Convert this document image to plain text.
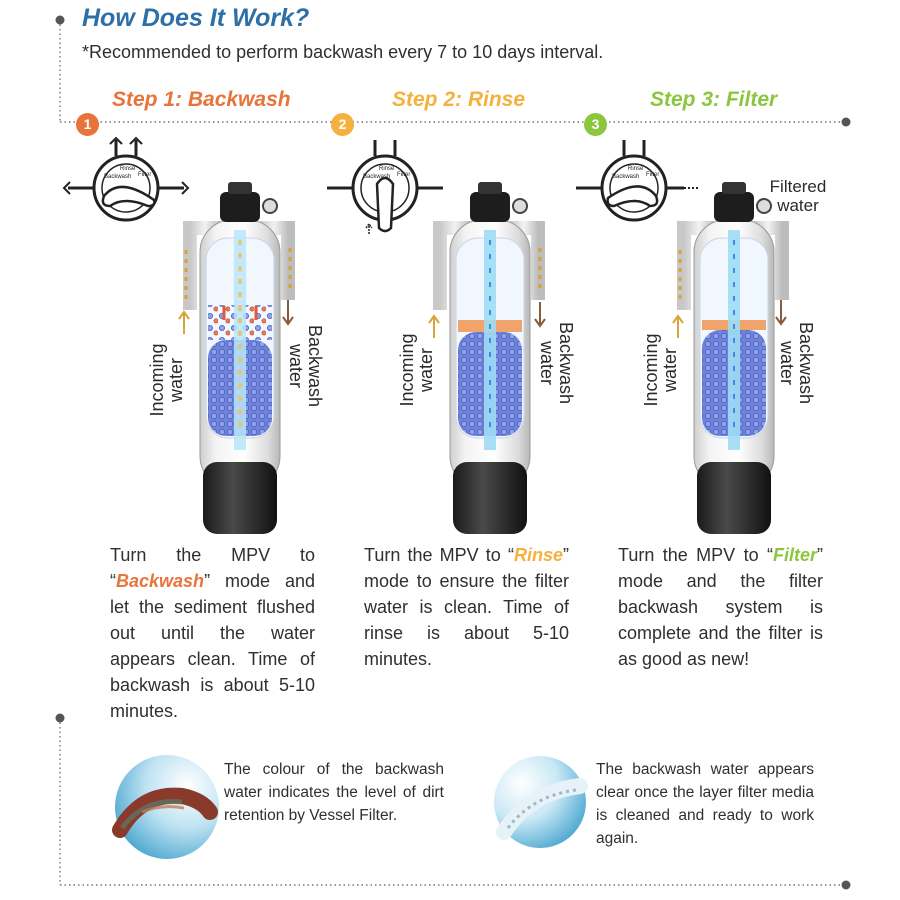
How Does It Work?
*Recommended to perform backwash every 7 to 10 days interval.
1
Step 1: Backwash
2
Step 2: Rinse
3
Step 3: Filter
Backwash
Rinse
Filter	Backwash
Rinse
Filter	Backwash
Rinse
Filter
Incoming water	Backwash
water	Incoming water	Backwash
water	Incoming water	Backwash
water
Filtered
water
Turn the MPV to “Backwash” mode and let the sediment flushed out until the water appears clean. Time of backwash is about 5-10 minutes.
Turn the MPV to “Rinse” mode to ensure the filter water is clean. Time of rinse is about 5-10 minutes.
Turn the MPV to “Filter” mode and the filter backwash system is complete and the filter is as good as new!
The colour of the backwash water indicates the level of dirt retention by Vessel Filter.
The backwash water appears clear once the layer filter media is cleaned and ready to work again.
